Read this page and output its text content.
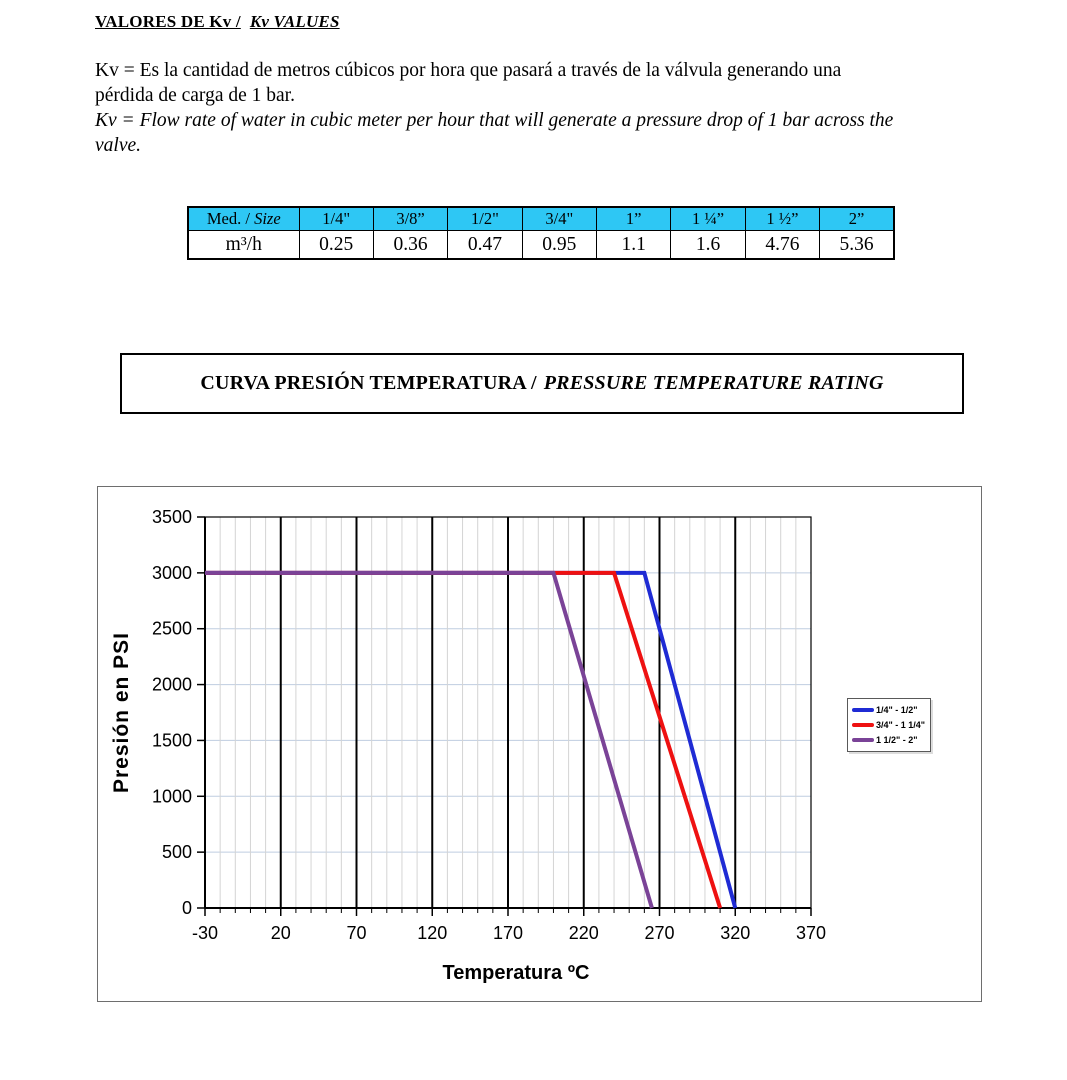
VALORES DE Kv / Kv VALUES

Kv = Es la cantidad de metros cúbicos por hora que pasará a través de la válvula generando una

pérdida de carga de 1 bar.

Kv = Flow rate of water in cubic meter per hour that will generate a pressure drop of 1 bar across the

valve.

Med. / Size	1/4"	3/8”	1/2"	3/4"	1”	1 ¼”	1 ½”	2”
m³/h	0.25	0.36	0.47	0.95	1.1	1.6	4.76	5.36
CURVA PRESIÓN TEMPERATURA / PRESSURE TEMPERATURE RATING
-30	20	70	120	170	220	270	320	370
0
500
1000
1500
2000
2500
3000
3500
Temperatura ºC
Presión en PSI	1/4" - 1/2"
3/4" - 1 1/4"
1 1/2" - 2"
